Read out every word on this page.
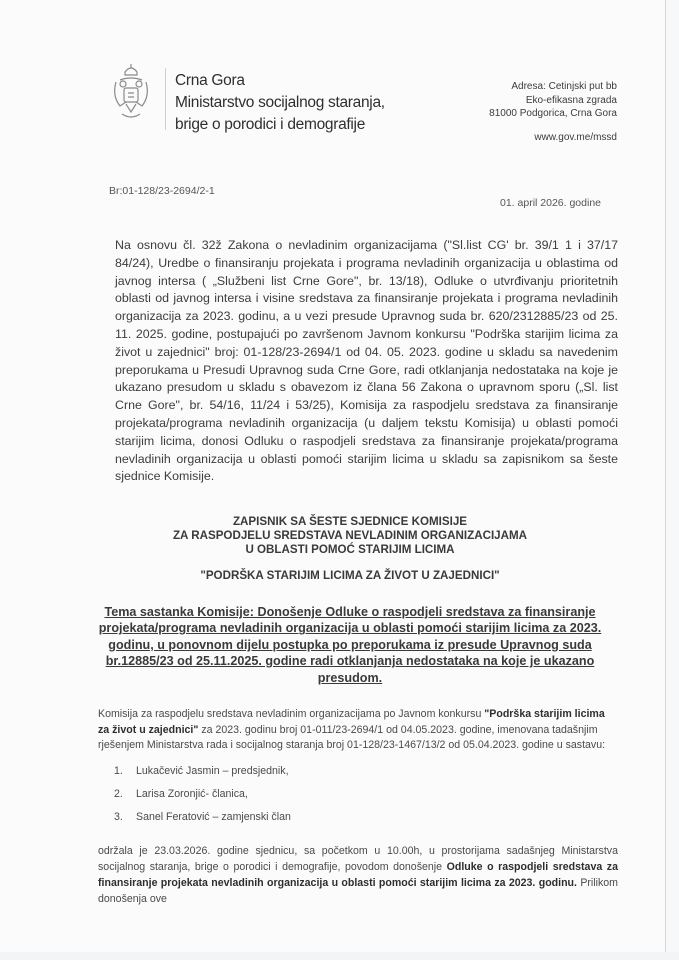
Crna Gora
Ministarstvo socijalnog staranja,
brige o porodici i demografije
Adresa: Cetinjski put bb
Eko-efikasna zgrada
81000 Podgorica, Crna Gora
www.gov.me/mssd
Br:01-128/23-2694/2-1
01. april 2026. godine
Na osnovu čl. 32ž Zakona o nevladinim organizacijama ("Sl.list CG' br. 39/1 1 i 37/17 84/24), Uredbe o finansiranju projekata i programa nevladinih organizacija u oblastima od javnog intersa ( „Službeni list Crne Gore", br. 13/18), Odluke o utvrđivanju prioritetnih oblasti od javnog intersa i visine sredstava za finansiranje projekata i programa nevladinih organizacija za 2023. godinu, a u vezi presude Upravnog suda br. 620/2312885/23 od 25. 11. 2025. godine, postupajući po završenom Javnom konkursu "Podrška starijim licima za život u zajednici" broj: 01-128/23-2694/1 od 04. 05. 2023. godine u skladu sa navedenim preporukama u Presudi Upravnog suda Crne Gore, radi otklanjanja nedostataka na koje je ukazano presudom u skladu s obavezom iz člana 56 Zakona o upravnom sporu („Sl. list Crne Gore", br. 54/16, 11/24 i 53/25), Komisija za raspodjelu sredstava za finansiranje projekata/programa nevladinih organizacija (u daljem tekstu Komisija) u oblasti pomoći starijim licima, donosi Odluku o raspodjeli sredstava za finansiranje projekata/programa nevladinih organizacija u oblasti pomoći starijim licima u skladu sa zapisnikom sa šeste sjednice Komisije.
ZAPISNIK SA ŠESTE SJEDNICE KOMISIJE
ZA RASPODJELU SREDSTAVA NEVLADINIM ORGANIZACIJAMA
U OBLASTI POMOĆ STARIJIM LICIMA
"PODRŠKA STARIJIM LICIMA ZA ŽIVOT U ZAJEDNICI"
Tema sastanka Komisije: Donošenje Odluke o raspodjeli sredstava za finansiranje projekata/programa nevladinih organizacija u oblasti pomoći starijim licima za 2023. godinu, u ponovnom dijelu postupka po preporukama iz presude Upravnog suda br.12885/23 od 25.11.2025. godine radi otklanjanja nedostataka na koje je ukazano presudom.
Komisija za raspodjelu sredstava nevladinim organizacijama po Javnom konkursu "Podrška starijim licima za život u zajednici" za 2023. godinu broj 01-011/23-2694/1 od 04.05.2023. godine, imenovana tadašnjim rješenjem Ministarstva rada i socijalnog staranja broj 01-128/23-1467/13/2 od 05.04.2023. godine u sastavu:
1. Lukačević Jasmin – predsjednik,
2. Larisa Zoronjić- članica,
3. Sanel Feratović – zamjenski član
održala je 23.03.2026. godine sjednicu, sa početkom u 10.00h, u prostorijama sadašnjeg Ministarstva socijalnog staranja, brige o porodici i demografije, povodom donošenje Odluke o raspodjeli sredstava za finansiranje projekata nevladinih organizacija u oblasti pomoći starijim licima za 2023. godinu. Prilikom donošenja ove
